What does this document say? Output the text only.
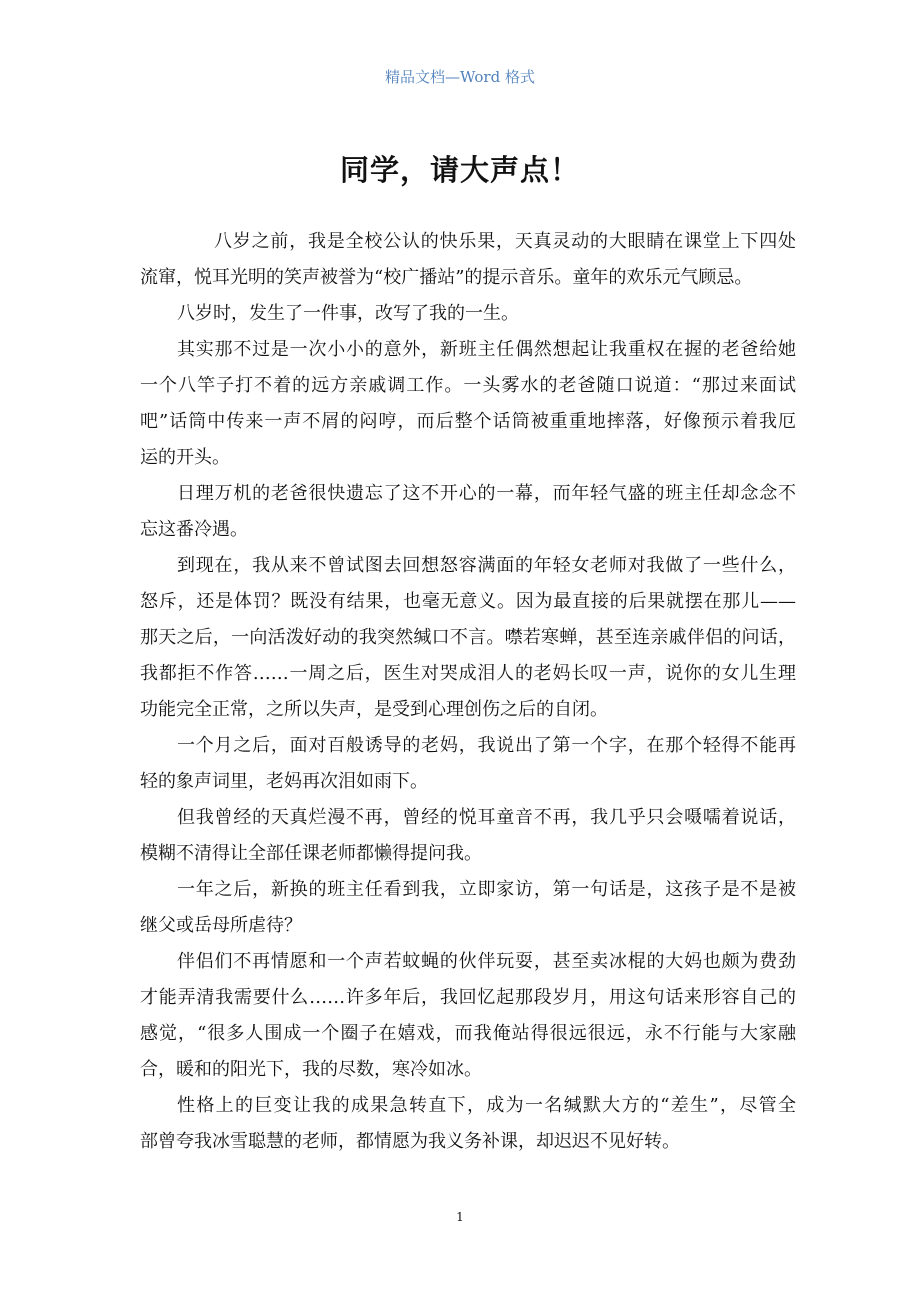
精品文档—Word 格式
同学，请大声点！
八岁之前，我是全校公认的快乐果，天真灵动的大眼睛在课堂上下四处
流窜，悦耳光明的笑声被誉为“校广播站”的提示音乐。童年的欢乐元气顾忌。
八岁时，发生了一件事，改写了我的一生。
其实那不过是一次小小的意外，新班主任偶然想起让我重权在握的老爸给她
一个八竿子打不着的远方亲戚调工作。一头雾水的老爸随口说道：“那过来面试
吧”话筒中传来一声不屑的闷哼，而后整个话筒被重重地摔落，好像预示着我厄
运的开头。
日理万机的老爸很快遗忘了这不开心的一幕，而年轻气盛的班主任却念念不
忘这番冷遇。
到现在，我从来不曾试图去回想怒容满面的年轻女老师对我做了一些什么，
怒斥，还是体罚？既没有结果，也毫无意义。因为最直接的后果就摆在那儿——
那天之后，一向活泼好动的我突然缄口不言。噤若寒蝉，甚至连亲戚伴侣的问话，
我都拒不作答……一周之后，医生对哭成泪人的老妈长叹一声，说你的女儿生理
功能完全正常，之所以失声，是受到心理创伤之后的自闭。
一个月之后，面对百般诱导的老妈，我说出了第一个字，在那个轻得不能再
轻的象声词里，老妈再次泪如雨下。
但我曾经的天真烂漫不再，曾经的悦耳童音不再，我几乎只会嗫嚅着说话，
模糊不清得让全部任课老师都懒得提问我。
一年之后，新换的班主任看到我，立即家访，第一句话是，这孩子是不是被
继父或岳母所虐待？
伴侣们不再情愿和一个声若蚊蝇的伙伴玩耍，甚至卖冰棍的大妈也颇为费劲
才能弄清我需要什么……许多年后，我回忆起那段岁月，用这句话来形容自己的
感觉，“很多人围成一个圈子在嬉戏，而我俺站得很远很远，永不行能与大家融
合，暖和的阳光下，我的尽数，寒冷如冰。
性格上的巨变让我的成果急转直下，成为一名缄默大方的“差生”，尽管全
部曾夸我冰雪聪慧的老师，都情愿为我义务补课，却迟迟不见好转。
1
